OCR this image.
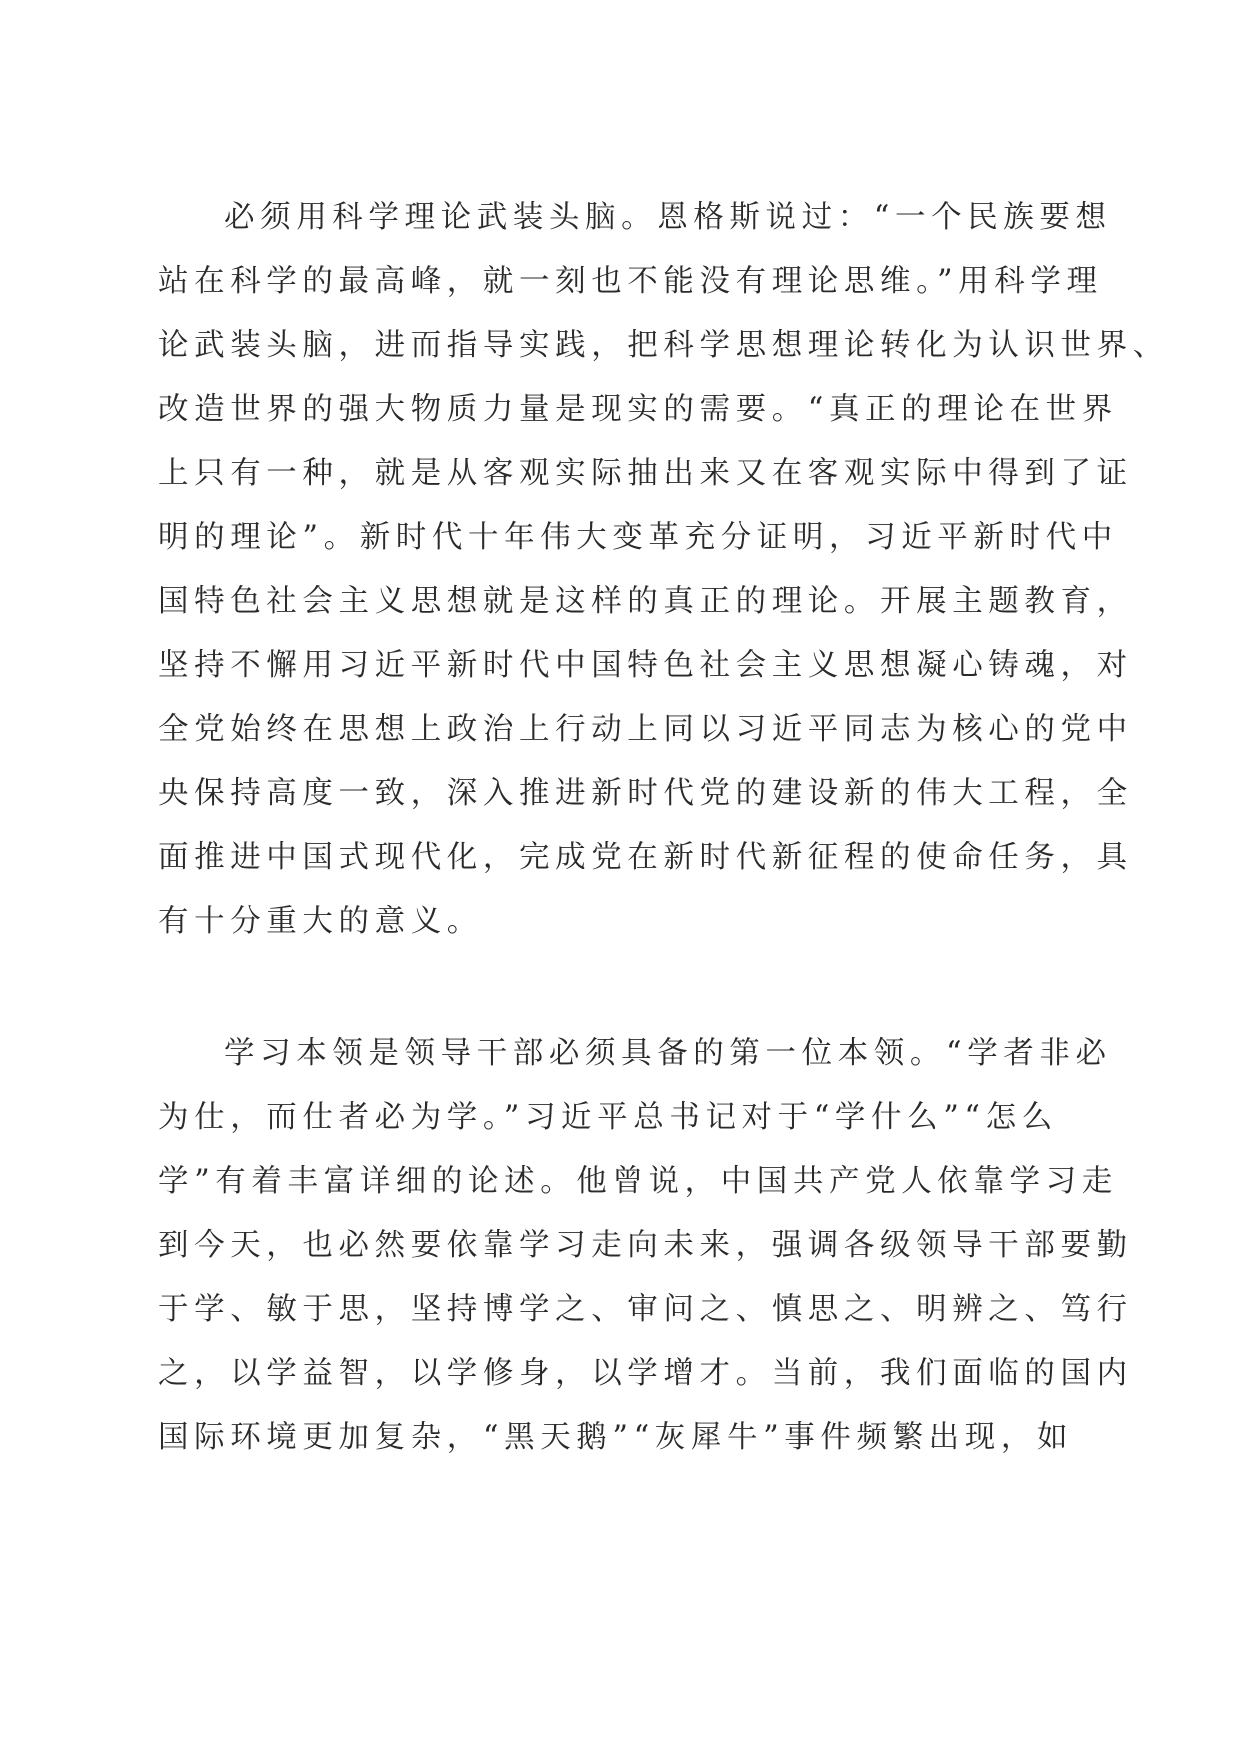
必须用科学理论武装头脑。恩格斯说过：“一个民族要想
站在科学的最高峰，就一刻也不能没有理论思维。”用科学理
论武装头脑，进而指导实践，把科学思想理论转化为认识世界、
改造世界的强大物质力量是现实的需要。“真正的理论在世界
上只有一种，就是从客观实际抽出来又在客观实际中得到了证
明的理论”。新时代十年伟大变革充分证明，习近平新时代中
国特色社会主义思想就是这样的真正的理论。开展主题教育，
坚持不懈用习近平新时代中国特色社会主义思想凝心铸魂，对
全党始终在思想上政治上行动上同以习近平同志为核心的党中
央保持高度一致，深入推进新时代党的建设新的伟大工程，全
面推进中国式现代化，完成党在新时代新征程的使命任务，具
有十分重大的意义。

学习本领是领导干部必须具备的第一位本领。“学者非必
为仕，而仕者必为学。”习近平总书记对于“学什么”“怎么
学”有着丰富详细的论述。他曾说，中国共产党人依靠学习走
到今天，也必然要依靠学习走向未来，强调各级领导干部要勤
于学、敏于思，坚持博学之、审问之、慎思之、明辨之、笃行
之，以学益智，以学修身，以学增才。当前，我们面临的国内
国际环境更加复杂，“黑天鹅”“灰犀牛”事件频繁出现，如
